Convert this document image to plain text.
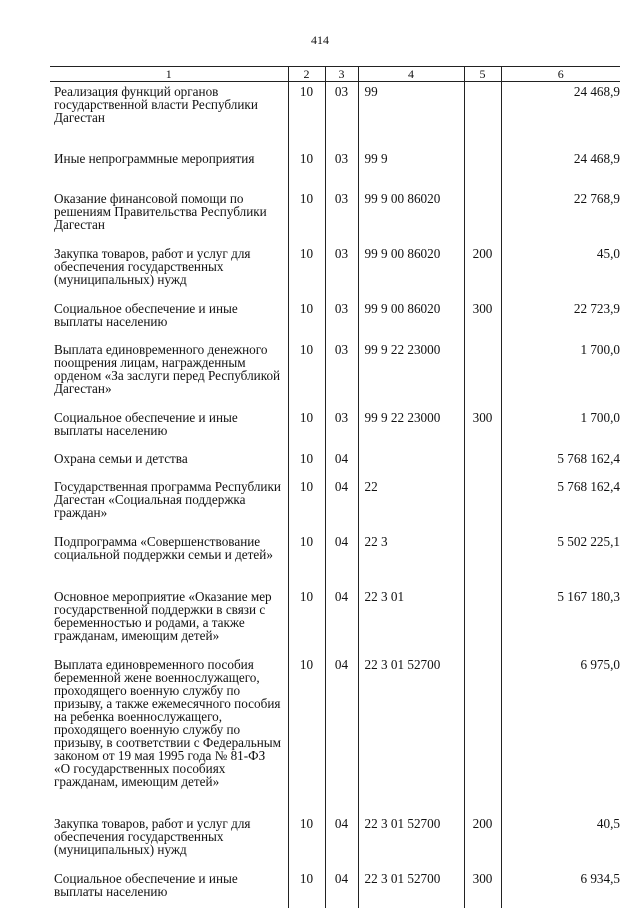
414
1	2	3	4	5	6
Реализация функций органов государственной власти Республики Дагестан	10	03	99		24 468,9
Иные непрограммные мероприятия	10	03	99 9		24 468,9
Оказание финансовой помощи по решениям Правительства Республики Дагестан	10	03	99 9 00 86020		22 768,9
Закупка товаров, работ и услуг для обеспечения государственных (муниципальных) нужд	10	03	99 9 00 86020	200	45,0
Социальное обеспечение и иные выплаты населению	10	03	99 9 00 86020	300	22 723,9
Выплата единовременного денежного поощрения лицам, награжденным орденом «За заслуги перед Республикой Дагестан»	10	03	99 9 22 23000		1 700,0
Социальное обеспечение и иные выплаты населению	10	03	99 9 22 23000	300	1 700,0
Охрана семьи и детства	10	04			5 768 162,4
Государственная программа Республики Дагестан «Социальная поддержка граждан»	10	04	22		5 768 162,4
Подпрограмма «Совершенствование социальной поддержки семьи и детей»	10	04	22 3		5 502 225,1
Основное мероприятие «Оказание мер государственной поддержки в связи с беременностью и родами, а также гражданам, имеющим детей»	10	04	22 3 01		5 167 180,3
Выплата единовременного пособия беременной жене военнослужащего, проходящего военную службу по призыву, а также ежемесячного пособия на ребенка военнослужащего, проходящего военную службу по призыву, в соответствии с Федеральным законом от 19 мая 1995 года № 81-ФЗ «О государственных пособиях гражданам, имеющим детей»	10	04	22 3 01 52700		6 975,0
Закупка товаров, работ и услуг для обеспечения государственных (муниципальных) нужд	10	04	22 3 01 52700	200	40,5
Социальное обеспечение и иные выплаты населению	10	04	22 3 01 52700	300	6 934,5
